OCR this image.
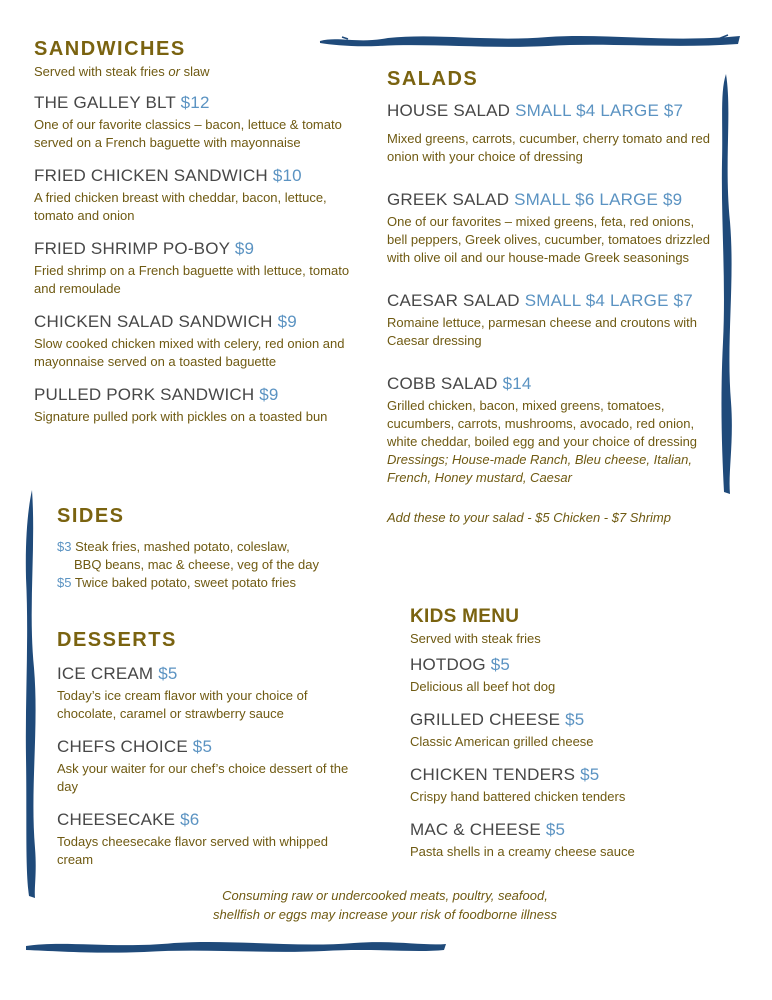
SANDWICHES
Served with steak fries or slaw
THE GALLEY BLT $12
One of our favorite classics – bacon, lettuce & tomato served on a French baguette with mayonnaise
FRIED CHICKEN SANDWICH $10
A fried chicken breast with cheddar, bacon, lettuce, tomato and onion
FRIED SHRIMP PO-BOY $9
Fried shrimp on a French baguette with lettuce, tomato and remoulade
CHICKEN SALAD SANDWICH $9
Slow cooked chicken mixed with celery, red onion and mayonnaise served on a toasted baguette
PULLED PORK SANDWICH $9
Signature pulled pork with pickles on a toasted bun
SALADS
HOUSE SALAD SMALL $4 LARGE $7
Mixed greens, carrots, cucumber, cherry tomato and red onion with your choice of dressing
GREEK SALAD SMALL $6 LARGE $9
One of our favorites – mixed greens, feta, red onions, bell peppers, Greek olives, cucumber, tomatoes drizzled with olive oil and our house-made Greek seasonings
CAESAR SALAD SMALL $4 LARGE $7
Romaine lettuce, parmesan cheese and croutons with Caesar dressing
COBB SALAD $14
Grilled chicken, bacon, mixed greens, tomatoes, cucumbers, carrots, mushrooms, avocado, red onion, white cheddar, boiled egg and your choice of dressing
Dressings; House-made Ranch, Bleu cheese, Italian, French, Honey mustard, Caesar
Add these to your salad - $5 Chicken - $7 Shrimp
SIDES
$3 Steak fries, mashed potato, coleslaw,
BBQ beans, mac & cheese, veg of the day
$5 Twice baked potato, sweet potato fries
DESSERTS
ICE CREAM $5
Today’s ice cream flavor with your choice of chocolate, caramel or strawberry sauce
CHEFS CHOICE $5
Ask your waiter for our chef’s choice dessert of the day
CHEESECAKE $6
Todays cheesecake flavor served with whipped cream
KIDS MENU
Served with steak fries
HOTDOG $5
Delicious all beef hot dog
GRILLED CHEESE $5
Classic American grilled cheese
CHICKEN TENDERS $5
Crispy hand battered chicken tenders
MAC & CHEESE $5
Pasta shells in a creamy cheese sauce
Consuming raw or undercooked meats, poultry, seafood,
shellfish or eggs may increase your risk of foodborne illness
